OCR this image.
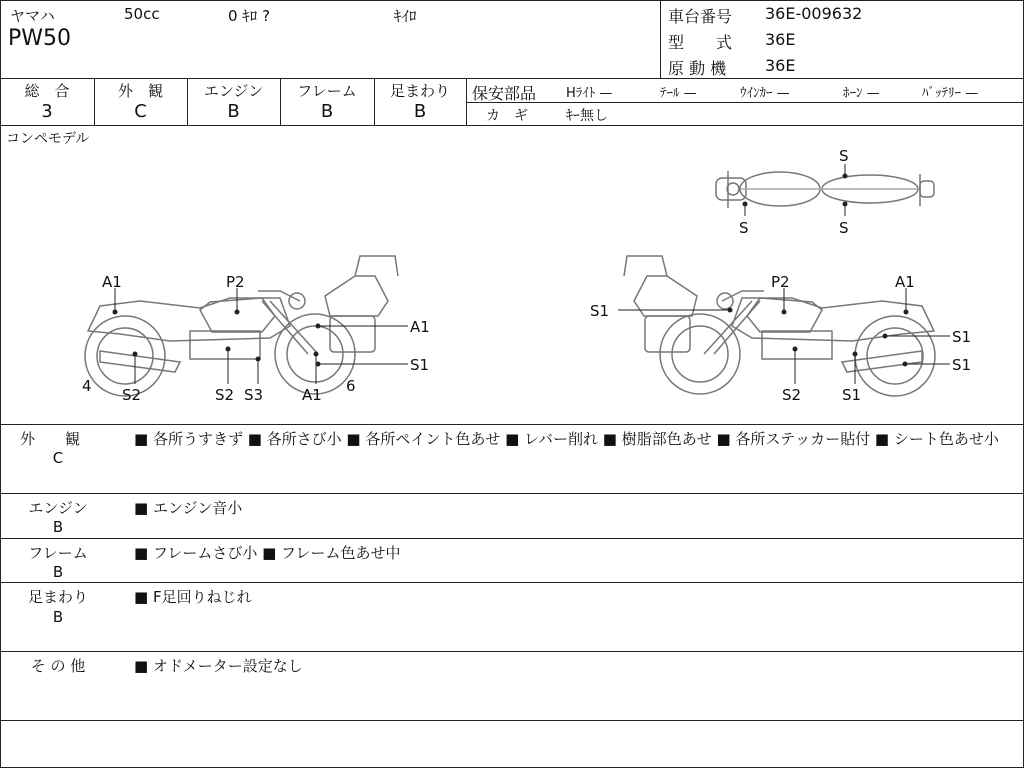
ヤマハ	50cc	0 ｷﾛ ?	ｷｲﾛ
PW50
車台番号 36E-009632
型　　式 36E
原 動 機 36E
総　合
3
外　観
C
エンジン
B
フレーム
B
足まわり
B
保安部品 Hﾗｲﾄ —	ﾃｰﾙ —	ｳｲﾝｶｰ —	ﾎｰﾝ —	ﾊﾞｯﾃﾘｰ —
カ　ギ	ｷｰ無し
コンペモデル
S
S	S
A1	P2
A1
S1
4 S2	S2 S3	A1 6
S1
P2	A1
S1
S1
S2	S1
外　　観
C
■ 各所うすきず ■ 各所さび小 ■ 各所ペイント色あせ ■ レバー削れ ■ 樹脂部色あせ ■ 各所ステッカー貼付 ■ シート色あせ小
エンジン
B
■ エンジン音小
フレーム
B
■ フレームさび小 ■ フレーム色あせ中
足まわり
B
■ F足回りねじれ
そ の 他	■ オドメーター設定なし
